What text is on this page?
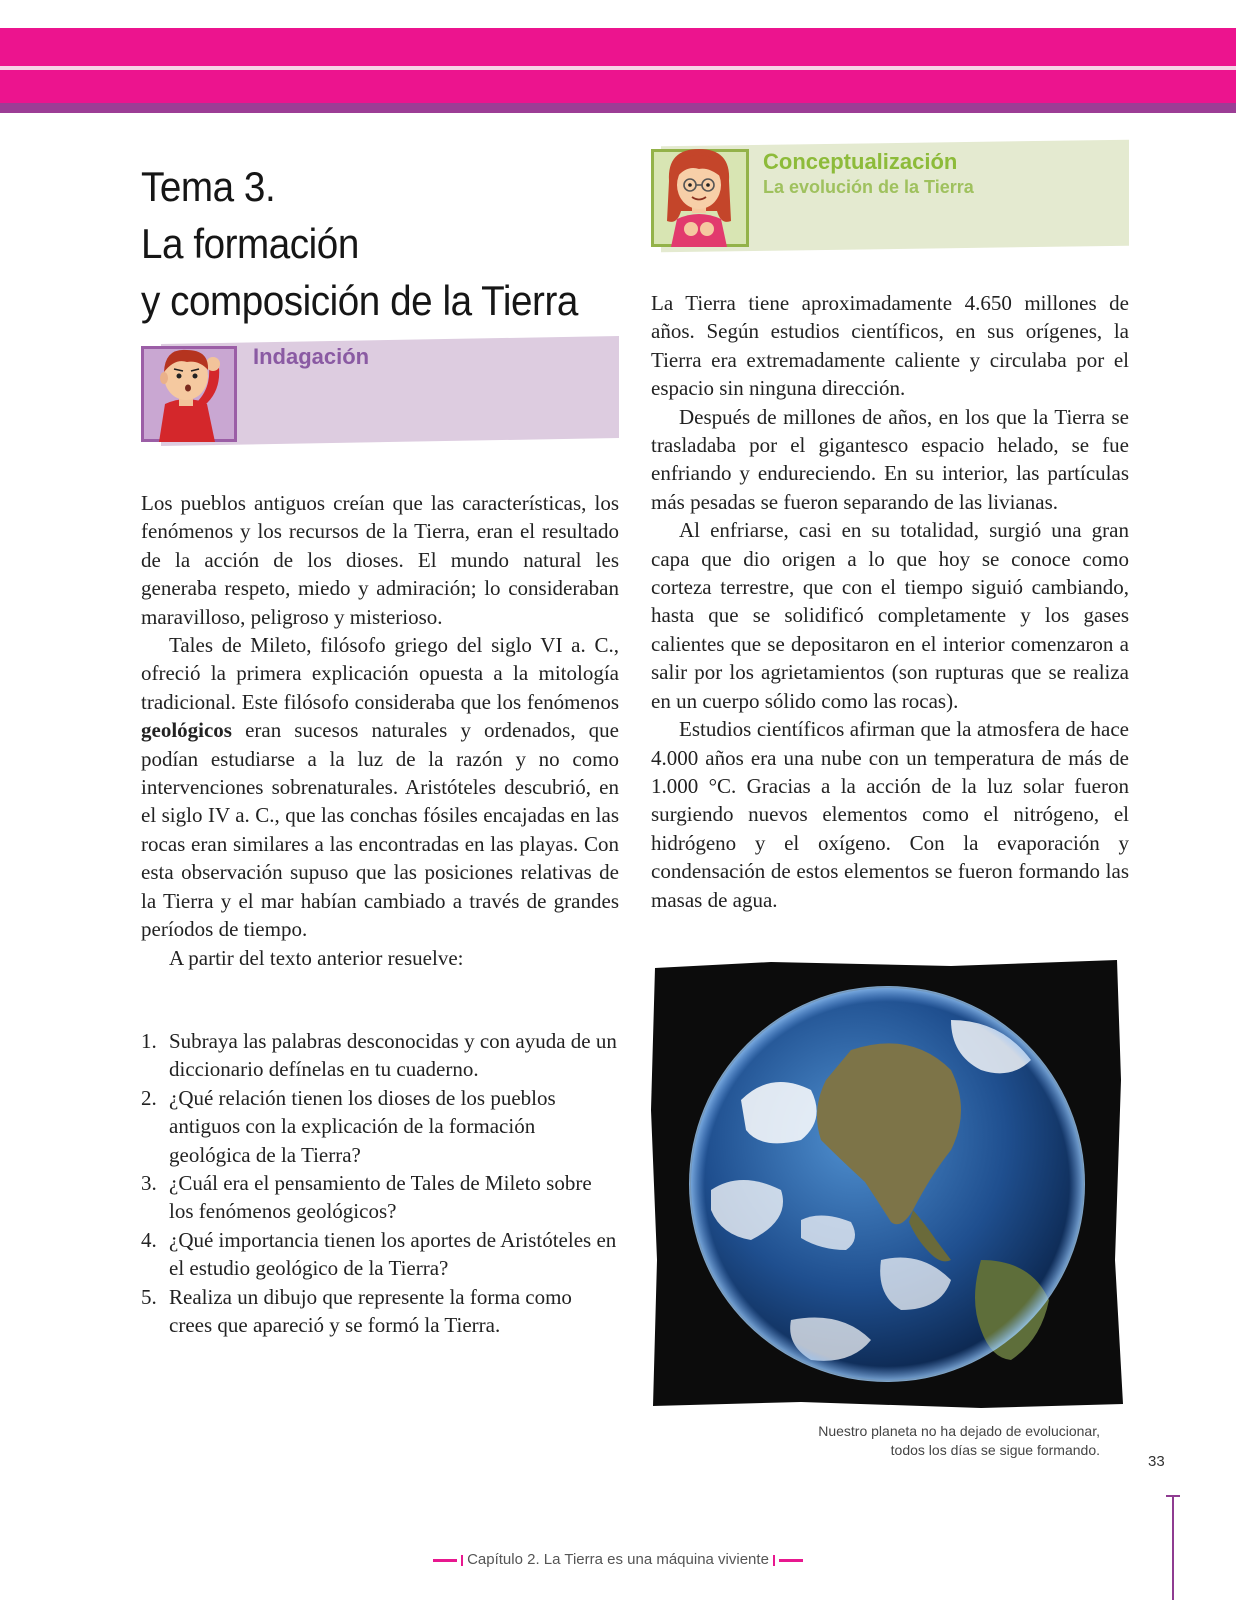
Tema 3.
La formación
y composición de la Tierra
Indagación

Los pueblos antiguos creían que las características, los fenómenos y los recursos de la Tierra, eran el resultado de la acción de los dioses. El mundo natural les generaba respeto, miedo y admiración; lo consideraban maravilloso, peligroso y misterioso.

Tales de Mileto, filósofo griego del siglo VI a. C., ofreció la primera explicación opuesta a la mitología tradicional. Este filósofo consideraba que los fenómenos geológicos eran sucesos naturales y ordenados, que podían estudiarse a la luz de la razón y no como intervenciones sobrenaturales. Aristóteles descubrió, en el siglo IV a. C., que las conchas fósiles encajadas en las rocas eran similares a las encontradas en las playas. Con esta observación supuso que las posiciones relativas de la Tierra y el mar habían cambiado a través de grandes períodos de tiempo.

A partir del texto anterior resuelve:

1. Subraya las palabras desconocidas y con ayuda de un diccionario defínelas en tu cuaderno.
2. ¿Qué relación tienen los dioses de los pueblos antiguos con la explicación de la formación geológica de la Tierra?
3. ¿Cuál era el pensamiento de Tales de Mileto sobre los fenómenos geológicos?
4. ¿Qué importancia tienen los aportes de Aristóteles en el estudio geológico de la Tierra?
5. Realiza un dibujo que represente la forma como crees que apareció y se formó la Tierra.
Conceptualización
La evolución de la Tierra

La Tierra tiene aproximadamente 4.650 millones de años. Según estudios científicos, en sus orígenes, la Tierra era extremadamente caliente y circulaba por el espacio sin ninguna dirección.

Después de millones de años, en los que la Tierra se trasladaba por el gigantesco espacio helado, se fue enfriando y endureciendo. En su interior, las partículas más pesadas se fueron separando de las livianas.

Al enfriarse, casi en su totalidad, surgió una gran capa que dio origen a lo que hoy se conoce como corteza terrestre, que con el tiempo siguió cambiando, hasta que se solidificó completamente y los gases calientes que se depositaron en el interior comenzaron a salir por los agrietamientos (son rupturas que se realiza en un cuerpo sólido como las rocas).

Estudios científicos afirman que la atmosfera de hace 4.000 años era una nube con un temperatura de más de 1.000 °C. Gracias a la acción de la luz solar fueron surgiendo nuevos elementos como el nitrógeno, el hidrógeno y el oxígeno. Con la evaporación y condensación de estos elementos se fueron formando las masas de agua.

Nuestro planeta no ha dejado de evolucionar,
todos los días se sigue formando.
33
Capítulo 2. La Tierra es una máquina viviente
